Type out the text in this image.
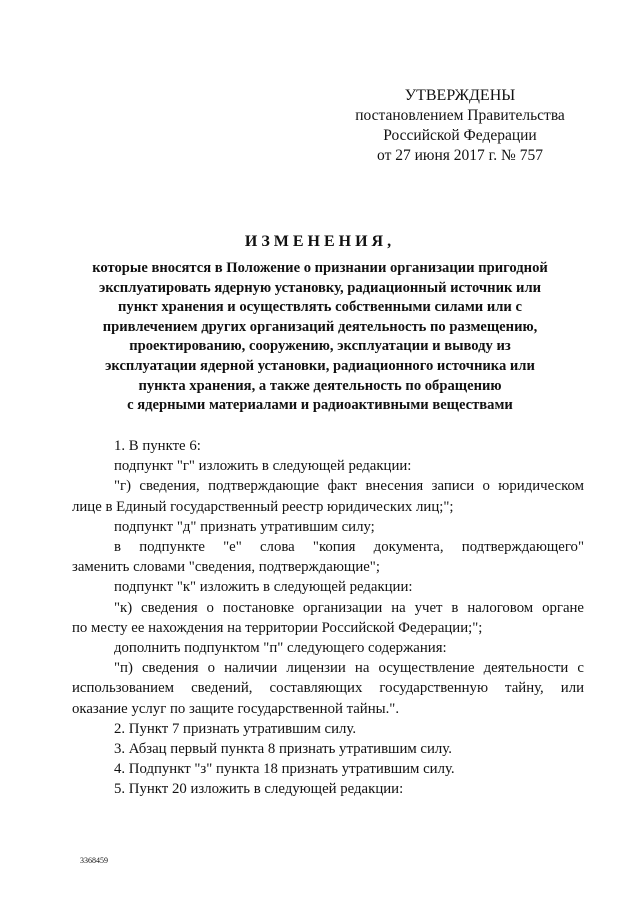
УТВЕРЖДЕНЫ
постановлением Правительства
Российской Федерации
от 27 июня 2017 г. № 757
ИЗМЕНЕНИЯ,
которые вносятся в Положение о признании организации пригодной
эксплуатировать ядерную установку, радиационный источник или
пункт хранения и осуществлять собственными силами или с
привлечением других организаций деятельность по размещению,
проектированию, сооружению, эксплуатации и выводу из
эксплуатации ядерной установки, радиационного источника или
пункта хранения, а также деятельность по обращению
с ядерными материалами и радиоактивными веществами
1. В пункте 6:
подпункт "г" изложить в следующей редакции:
"г) сведения, подтверждающие факт внесения записи о юридическом
лице в Единый государственный реестр юридических лиц;";
подпункт "д" признать утратившим силу;
в подпункте "е" слова "копия документа, подтверждающего"
заменить словами "сведения, подтверждающие";
подпункт "к" изложить в следующей редакции:
"к) сведения о постановке организации на учет в налоговом органе
по месту ее нахождения на территории Российской Федерации;";
дополнить подпунктом "п" следующего содержания:
"п) сведения о наличии лицензии на осуществление деятельности с
использованием сведений, составляющих государственную тайну, или
оказание услуг по защите государственной тайны.".
2. Пункт 7 признать утратившим силу.
3. Абзац первый пункта 8 признать утратившим силу.
4. Подпункт "з" пункта 18 признать утратившим силу.
5. Пункт 20 изложить в следующей редакции:
3368459
